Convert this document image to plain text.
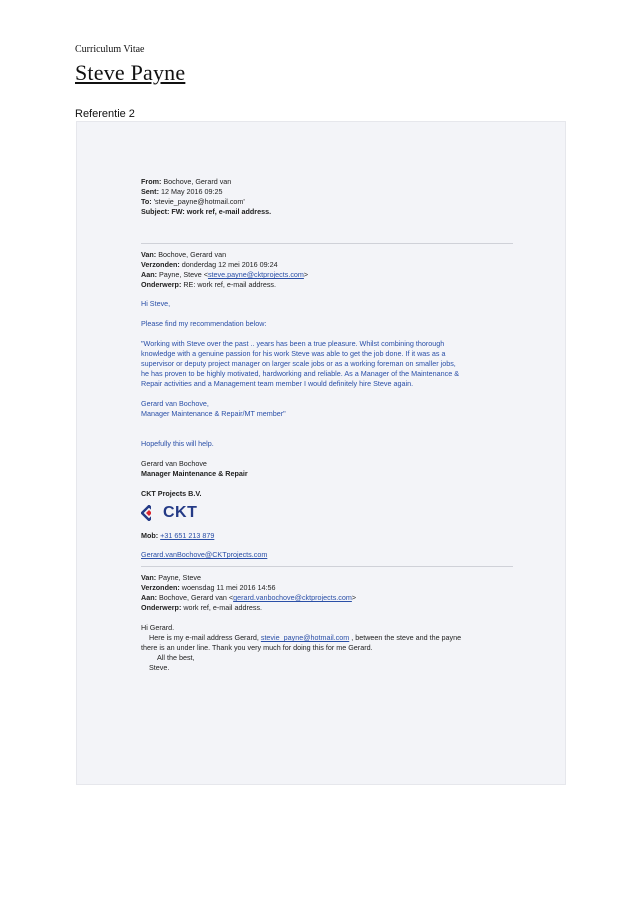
Curriculum Vitae
Steve Payne
Referentie 2
From: Bochove, Gerard van
Sent: 12 May 2016 09:25
To: 'stevie_payne@hotmail.com'
Subject: FW: work ref, e-mail address.
Van: Bochove, Gerard van
Verzonden: donderdag 12 mei 2016 09:24
Aan: Payne, Steve <steve.payne@cktprojects.com>
Onderwerp: RE: work ref, e-mail address.
Hi Steve,
Please find my recommendation below:
"Working with Steve over the past .. years has been a true pleasure. Whilst combining thorough
knowledge with a genuine passion for his work Steve was able to get the job done. If it was as a
supervisor or deputy project manager on larger scale jobs or as a working foreman on smaller jobs,
he has proven to be highly motivated, hardworking and reliable. As a Manager of the Maintenance &
Repair activities and a Management team member I would definitely hire Steve again.
Gerard van Bochove,
Manager Maintenance & Repair/MT member"
Hopefully this will help.
Gerard van Bochove
Manager Maintenance & Repair
CKT Projects B.V.
CKT
Mob: +31 651 213 879
Gerard.vanBochove@CKTprojects.com
Van: Payne, Steve
Verzonden: woensdag 11 mei 2016 14:56
Aan: Bochove, Gerard van <gerard.vanbochove@cktprojects.com>
Onderwerp: work ref, e-mail address.
Hi Gerard.
Here is my e-mail address Gerard, stevie_payne@hotmail.com , between the steve and the payne
there is an under line. Thank you very much for doing this for me Gerard.
All the best,
Steve.
